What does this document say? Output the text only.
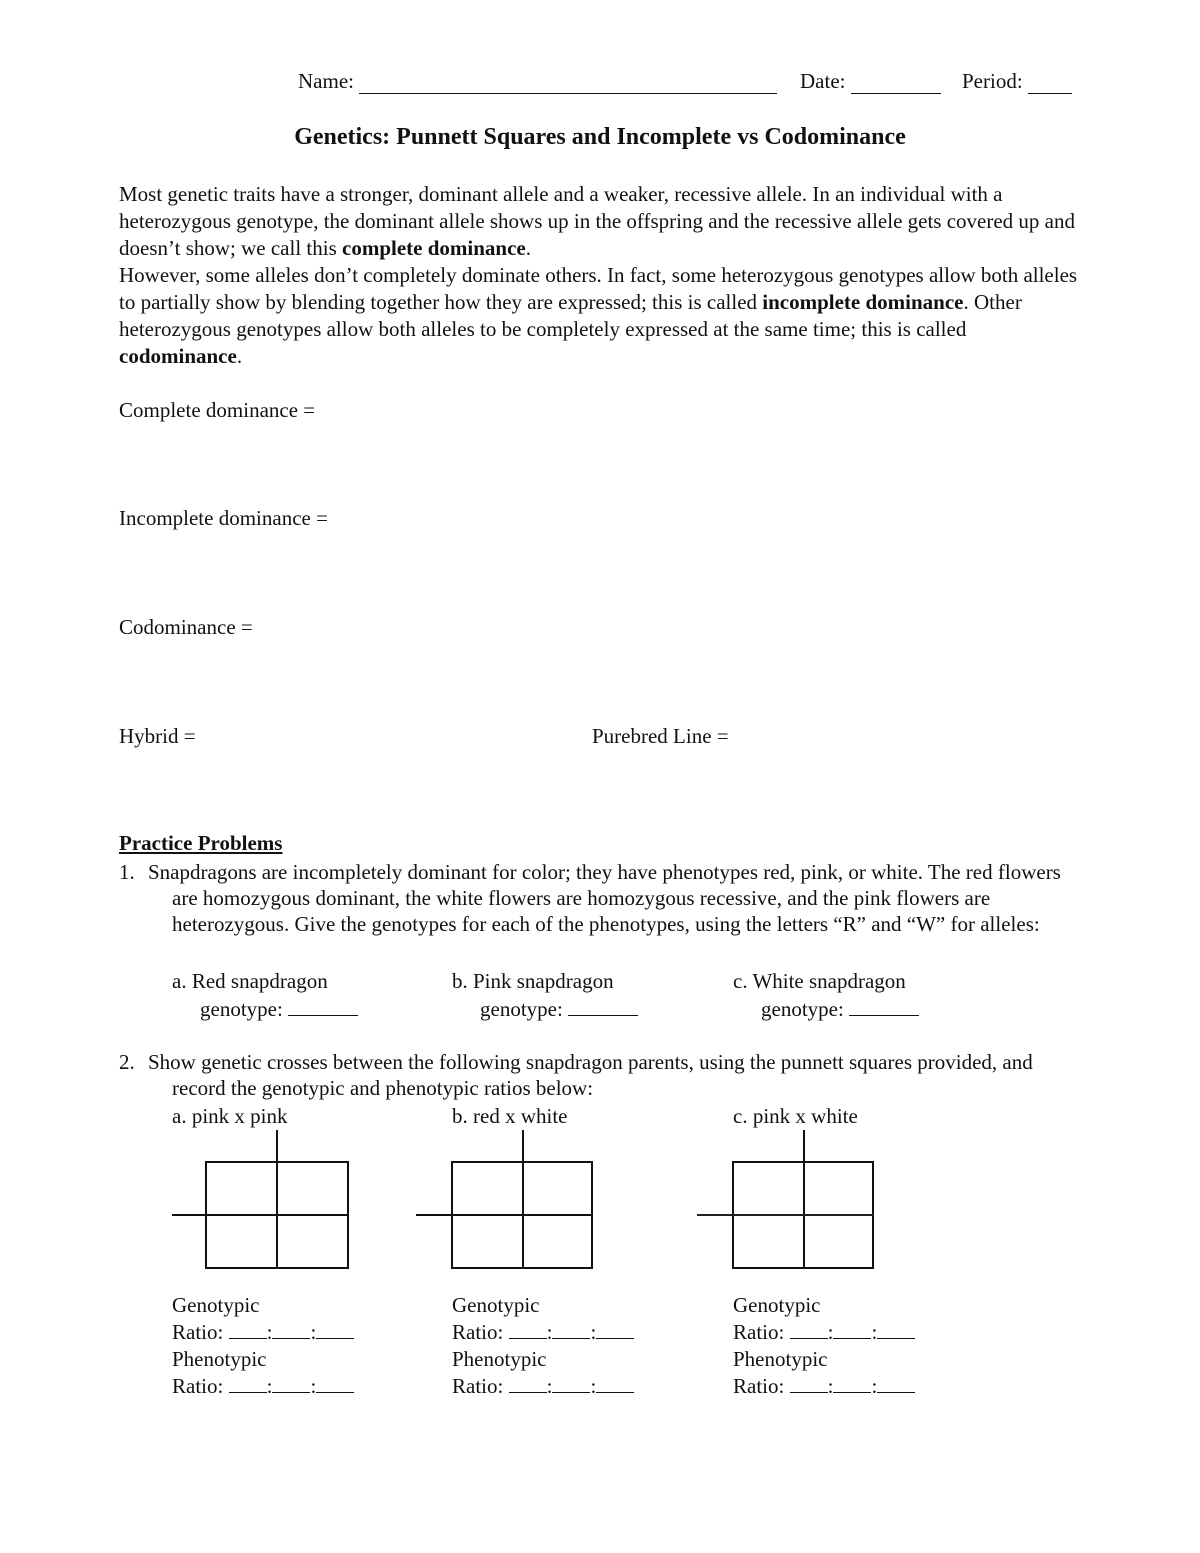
Name:	Date:	Period:
Genetics: Punnett Squares and Incomplete vs Codominance

Most genetic traits have a stronger, dominant allele and a weaker, recessive allele. In an individual with a heterozygous genotype, the dominant allele shows up in the offspring and the recessive allele gets covered up and doesn’t show; we call this complete dominance.

However, some alleles don’t completely dominate others. In fact, some heterozygous genotypes allow both alleles to partially show by blending together how they are expressed; this is called incomplete dominance. Other heterozygous genotypes allow both alleles to be completely expressed at the same time; this is called codominance.

Complete dominance =
Incomplete dominance =
Codominance =
Hybrid =	Purebred Line =
Practice Problems
1. Snapdragons are incompletely dominant for color; they have phenotypes red, pink, or white. The red flowers are homozygous dominant, the white flowers are homozygous recessive, and the pink flowers are heterozygous. Give the genotypes for each of the phenotypes, using the letters “R” and “W” for alleles:
a. Red snapdragon
genotype:
b. Pink snapdragon
genotype:
c. White snapdragon
genotype:
2. Show genetic crosses between the following snapdragon parents, using the punnett squares provided, and record the genotypic and phenotypic ratios below:
a. pink x pink	b. red x white	c. pink x white
Genotypic
Ratio: : :
Phenotypic
Ratio: : :
Genotypic
Ratio: : :
Phenotypic
Ratio: : :
Genotypic
Ratio: : :
Phenotypic
Ratio: : :
